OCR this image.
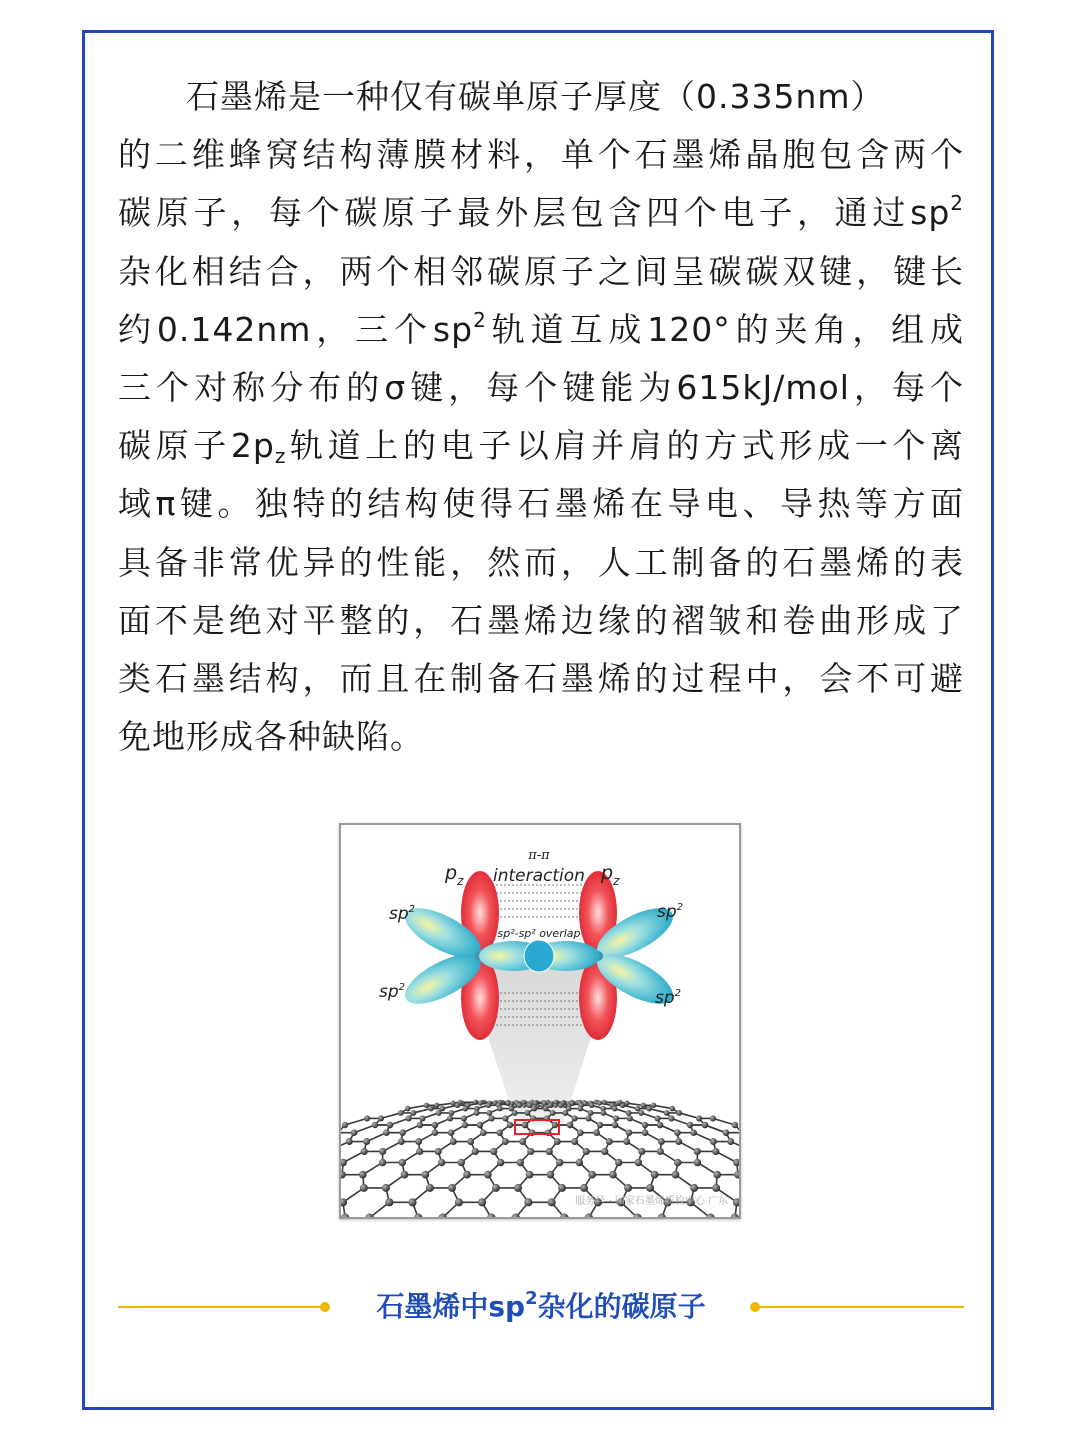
石墨烯是一种仅有碳单原子厚度（0.335nm）
的二维蜂窝结构薄膜材料，单个石墨烯晶胞包含两个
碳原子，每个碳原子最外层包含四个电子，通过$sp^2$
杂化相结合，两个相邻碳原子之间呈碳碳双键，键长
约0.142nm，三个$sp^2$轨道互成120°的夹角，组成
三个对称分布的σ键，每个键能为615kJ/mol，每个
碳原子$2p_z$轨道上的电子以肩并肩的方式形成一个离
域π键。独特的结构使得石墨烯在导电、导热等方面
具备非常优异的性能，然而，人工制备的石墨烯的表
面不是绝对平整的，石墨烯边缘的褶皱和卷曲形成了
类石墨结构，而且在制备石墨烯的过程中，会不可避
免地形成各种缺陷。
π-π
interaction
$p_z$	$p_z$
$sp^2$	$sp^2$
$sp^2$
$sp^2$
sp²-sp² overlap
服务号 · 国家石墨烯质检中心 广东
石墨烯中$sp^2$杂化的碳原子
